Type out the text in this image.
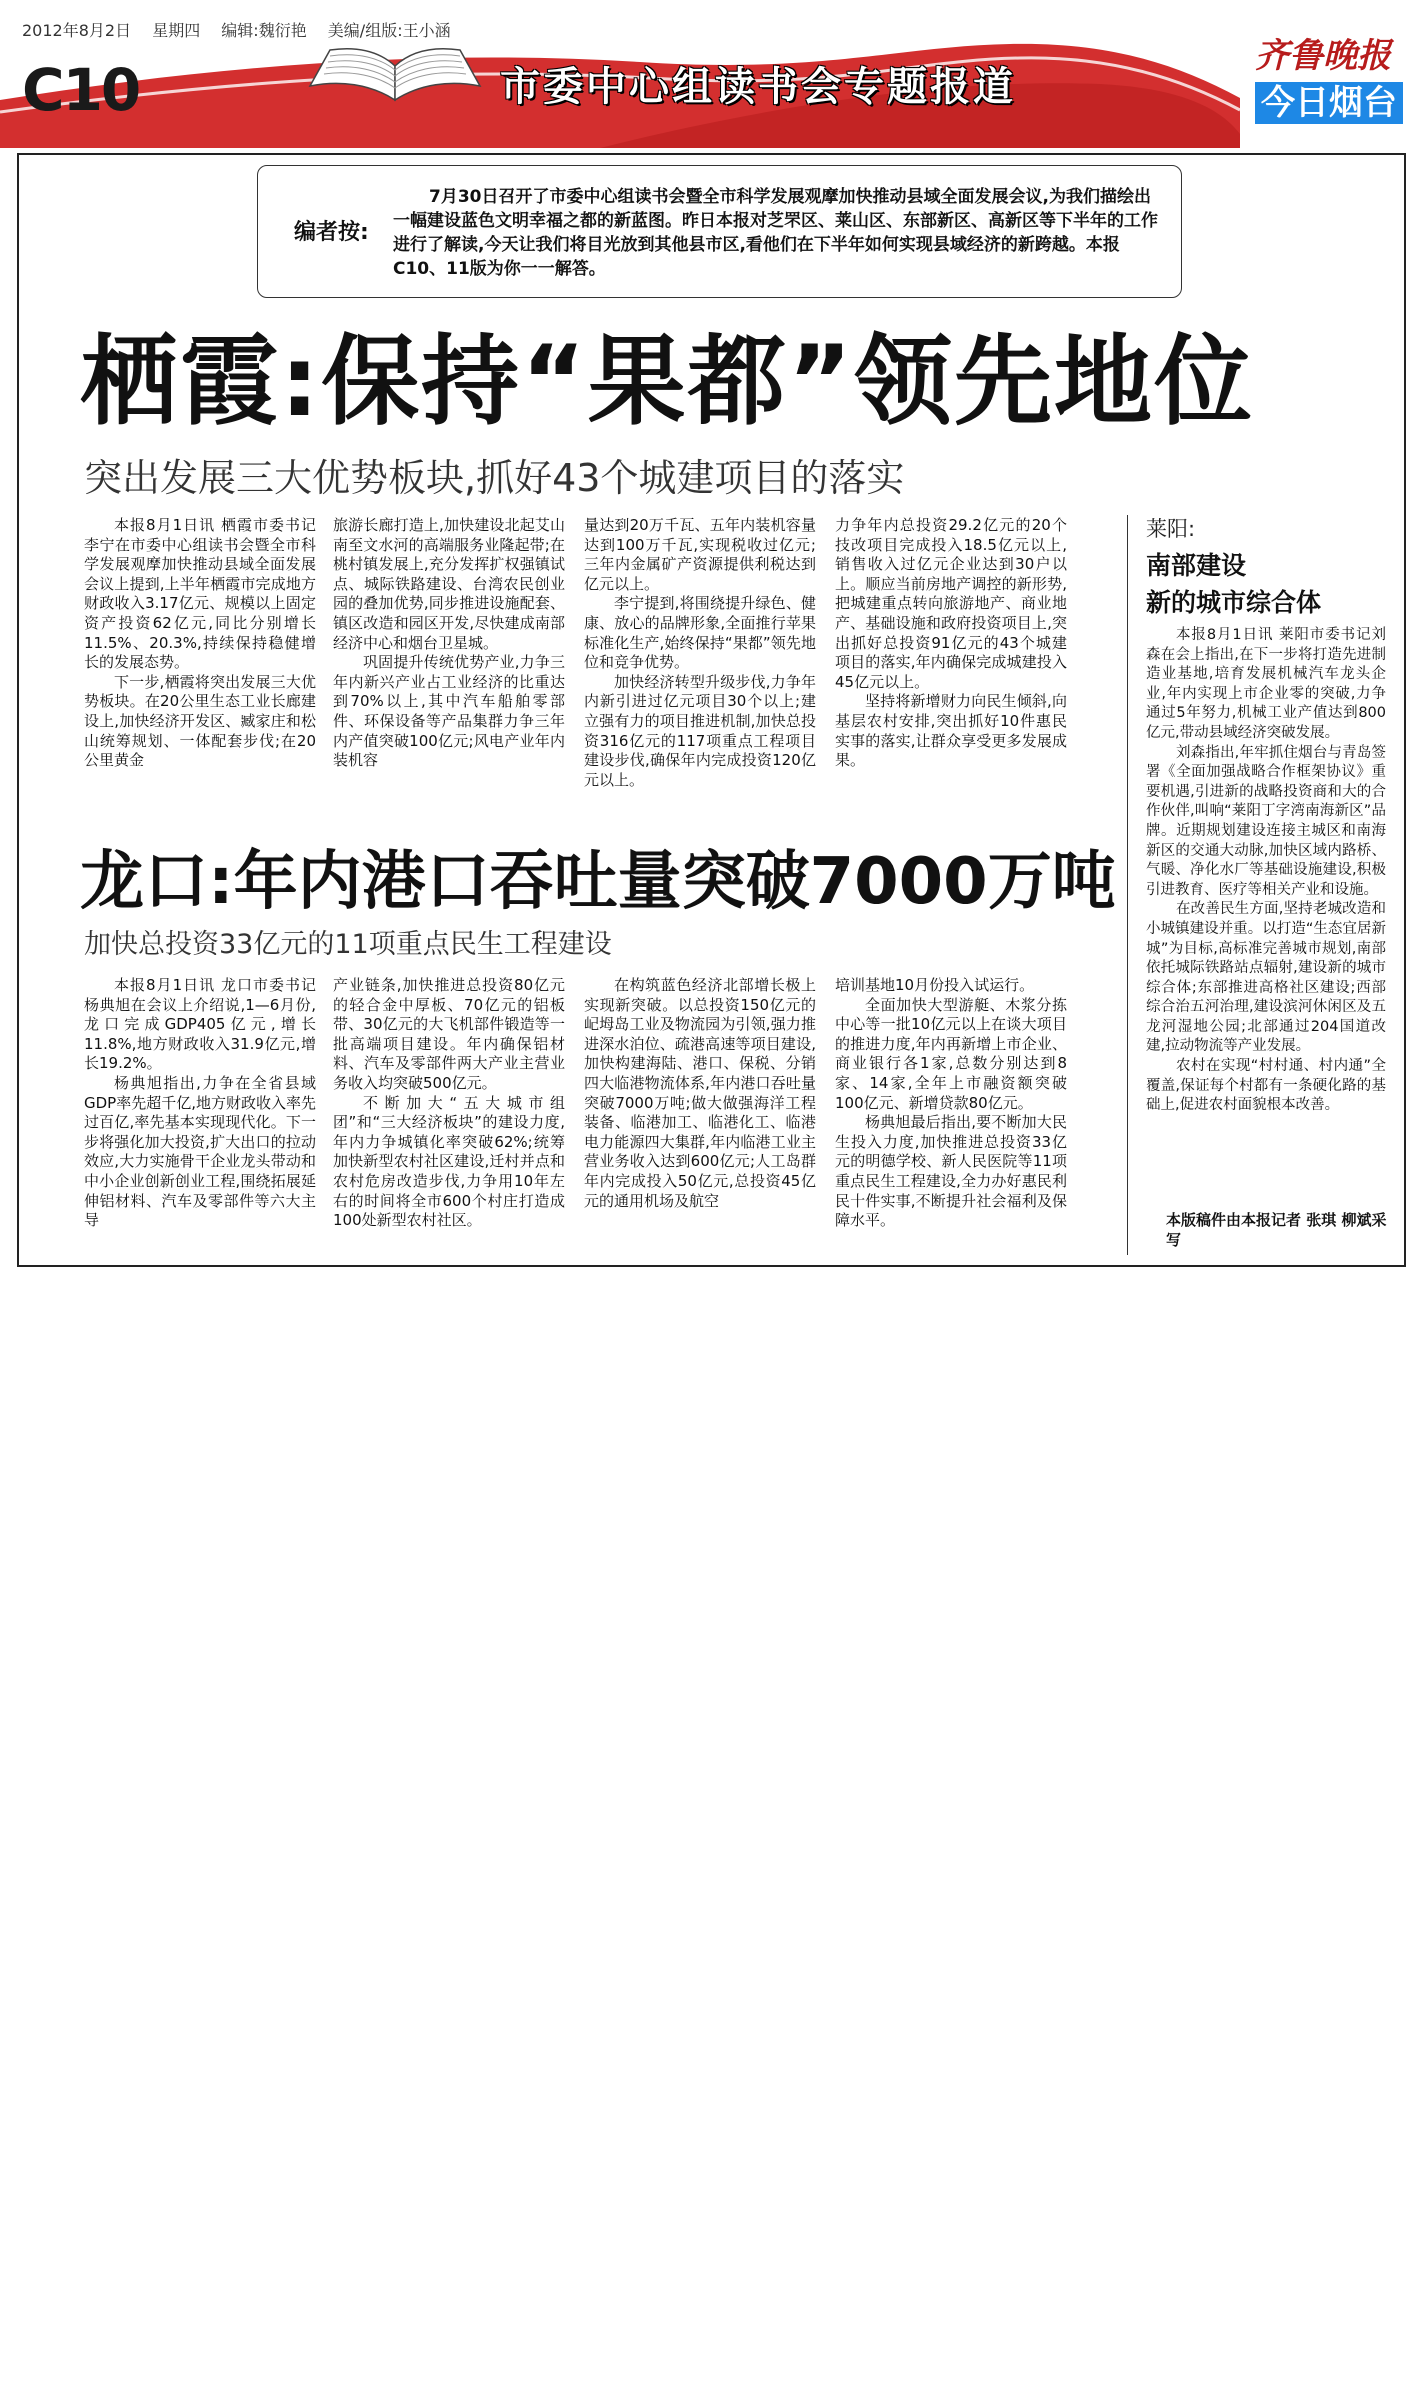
2012年8月2日 星期四 编辑:魏衍艳 美编/组版:王小涵
C10	市委中心组读书会专题报道
齐鲁晚报
今日烟台
编者按:
7月30日召开了市委中心组读书会暨全市科学发展观摩加快推动县域全面发展会议,为我们描绘出一幅建设蓝色文明幸福之都的新蓝图。昨日本报对芝罘区、莱山区、东部新区、高新区等下半年的工作进行了解读,今天让我们将目光放到其他县市区,看他们在下半年如何实现县域经济的新跨越。本报C10、11版为你一一解答。
栖霞:保持“果都”领先地位
突出发展三大优势板块,抓好43个城建项目的落实

本报8月1日讯 栖霞市委书记李宁在市委中心组读书会暨全市科学发展观摩加快推动县域全面发展会议上提到,上半年栖霞市完成地方财政收入3.17亿元、规模以上固定资产投资62亿元,同比分别增长11.5%、20.3%,持续保持稳健增长的发展态势。

下一步,栖霞将突出发展三大优势板块。在20公里生态工业长廊建设上,加快经济开发区、臧家庄和松山统筹规划、一体配套步伐;在20公里黄金

旅游长廊打造上,加快建设北起艾山南至文水河的高端服务业隆起带;在桃村镇发展上,充分发挥扩权强镇试点、城际铁路建设、台湾农民创业园的叠加优势,同步推进设施配套、镇区改造和园区开发,尽快建成南部经济中心和烟台卫星城。

巩固提升传统优势产业,力争三年内新兴产业占工业经济的比重达到70%以上,其中汽车船舶零部件、环保设备等产品集群力争三年内产值突破100亿元;风电产业年内装机容

量达到20万千瓦、五年内装机容量达到100万千瓦,实现税收过亿元;三年内金属矿产资源提供利税达到亿元以上。

李宁提到,将围绕提升绿色、健康、放心的品牌形象,全面推行苹果标准化生产,始终保持“果都”领先地位和竞争优势。

加快经济转型升级步伐,力争年内新引进过亿元项目30个以上;建立强有力的项目推进机制,加快总投资316亿元的117项重点工程项目建设步伐,确保年内完成投资120亿元以上。

力争年内总投资29.2亿元的20个技改项目完成投入18.5亿元以上,销售收入过亿元企业达到30户以上。顺应当前房地产调控的新形势,把城建重点转向旅游地产、商业地产、基础设施和政府投资项目上,突出抓好总投资91亿元的43个城建项目的落实,年内确保完成城建投入45亿元以上。

坚持将新增财力向民生倾斜,向基层农村安排,突出抓好10件惠民实事的落实,让群众享受更多发展成果。

龙口:年内港口吞吐量突破7000万吨
加快总投资33亿元的11项重点民生工程建设

本报8月1日讯 龙口市委书记杨典旭在会议上介绍说,1—6月份,龙口完成GDP405亿元,增长11.8%,地方财政收入31.9亿元,增长19.2%。

杨典旭指出,力争在全省县域GDP率先超千亿,地方财政收入率先过百亿,率先基本实现现代化。下一步将强化加大投资,扩大出口的拉动效应,大力实施骨干企业龙头带动和中小企业创新创业工程,围绕拓展延伸铝材料、汽车及零部件等六大主导

产业链条,加快推进总投资80亿元的轻合金中厚板、70亿元的铝板带、30亿元的大飞机部件锻造等一批高端项目建设。年内确保铝材料、汽车及零部件两大产业主营业务收入均突破500亿元。

不断加大“五大城市组团”和“三大经济板块”的建设力度,年内力争城镇化率突破62%;统筹加快新型农村社区建设,迁村并点和农村危房改造步伐,力争用10年左右的时间将全市600个村庄打造成100处新型农村社区。

在构筑蓝色经济北部增长极上实现新突破。以总投资150亿元的屺坶岛工业及物流园为引领,强力推进深水泊位、疏港高速等项目建设,加快构建海陆、港口、保税、分销四大临港物流体系,年内港口吞吐量突破7000万吨;做大做强海洋工程装备、临港加工、临港化工、临港电力能源四大集群,年内临港工业主营业务收入达到600亿元;人工岛群年内完成投入50亿元,总投资45亿元的通用机场及航空

培训基地10月份投入试运行。

全面加快大型游艇、木浆分拣中心等一批10亿元以上在谈大项目的推进力度,年内再新增上市企业、商业银行各1家,总数分别达到8家、14家,全年上市融资额突破100亿元、新增贷款80亿元。

杨典旭最后指出,要不断加大民生投入力度,加快推进总投资33亿元的明德学校、新人民医院等11项重点民生工程建设,全力办好惠民利民十件实事,不断提升社会福利及保障水平。

莱阳:
南部建设
新的城市综合体

本报8月1日讯 莱阳市委书记刘森在会上指出,在下一步将打造先进制造业基地,培育发展机械汽车龙头企业,年内实现上市企业零的突破,力争通过5年努力,机械工业产值达到800亿元,带动县域经济突破发展。

刘森指出,年牢抓住烟台与青岛签署《全面加强战略合作框架协议》重要机遇,引进新的战略投资商和大的合作伙伴,叫响“莱阳丁字湾南海新区”品牌。近期规划建设连接主城区和南海新区的交通大动脉,加快区域内路桥、气暖、净化水厂等基础设施建设,积极引进教育、医疗等相关产业和设施。

在改善民生方面,坚持老城改造和小城镇建设并重。以打造“生态宜居新城”为目标,高标准完善城市规划,南部依托城际铁路站点辐射,建设新的城市综合体;东部推进高格社区建设;西部综合治五河治理,建设滨河休闲区及五龙河湿地公园;北部通过204国道改建,拉动物流等产业发展。

农村在实现“村村通、村内通”全覆盖,保证每个村都有一条硬化路的基础上,促进农村面貌根本改善。

本版稿件由本报记者 张琪 柳斌采写
